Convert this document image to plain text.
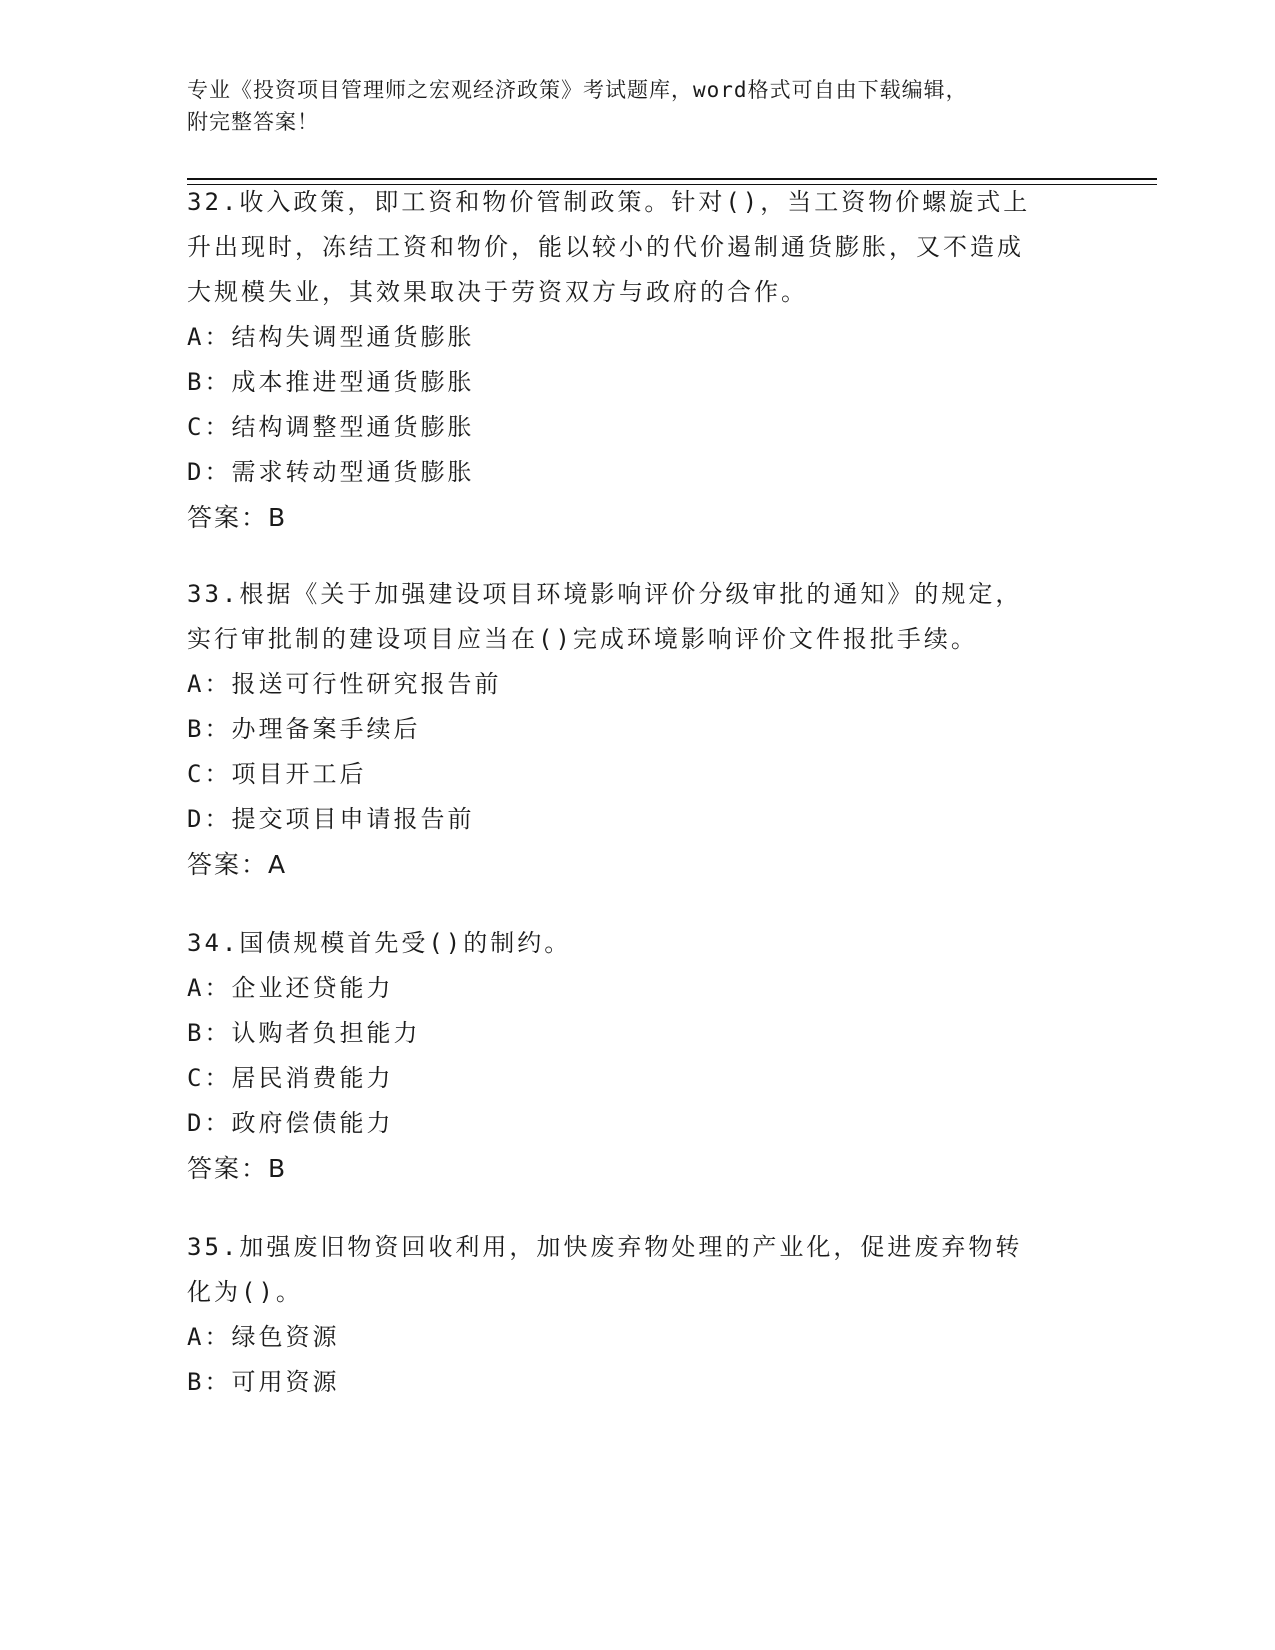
专业《投资项目管理师之宏观经济政策》考试题库，word格式可自由下载编辑，
附完整答案！

32.收入政策，即工资和物价管制政策。针对()，当工资物价螺旋式上升出现时，冻结工资和物价，能以较小的代价遏制通货膨胀，又不造成大规模失业，其效果取决于劳资双方与政府的合作。

A：结构失调型通货膨胀
B：成本推进型通货膨胀
C：结构调整型通货膨胀
D：需求转动型通货膨胀

答案：B

33.根据《关于加强建设项目环境影响评价分级审批的通知》的规定，实行审批制的建设项目应当在()完成环境影响评价文件报批手续。

A：报送可行性研究报告前
B：办理备案手续后
C：项目开工后
D：提交项目申请报告前

答案：A

34.国债规模首先受()的制约。

A：企业还贷能力
B：认购者负担能力
C：居民消费能力
D：政府偿债能力

答案：B

35.加强废旧物资回收利用，加快废弃物处理的产业化，促进废弃物转化为()。

A：绿色资源
B：可用资源
